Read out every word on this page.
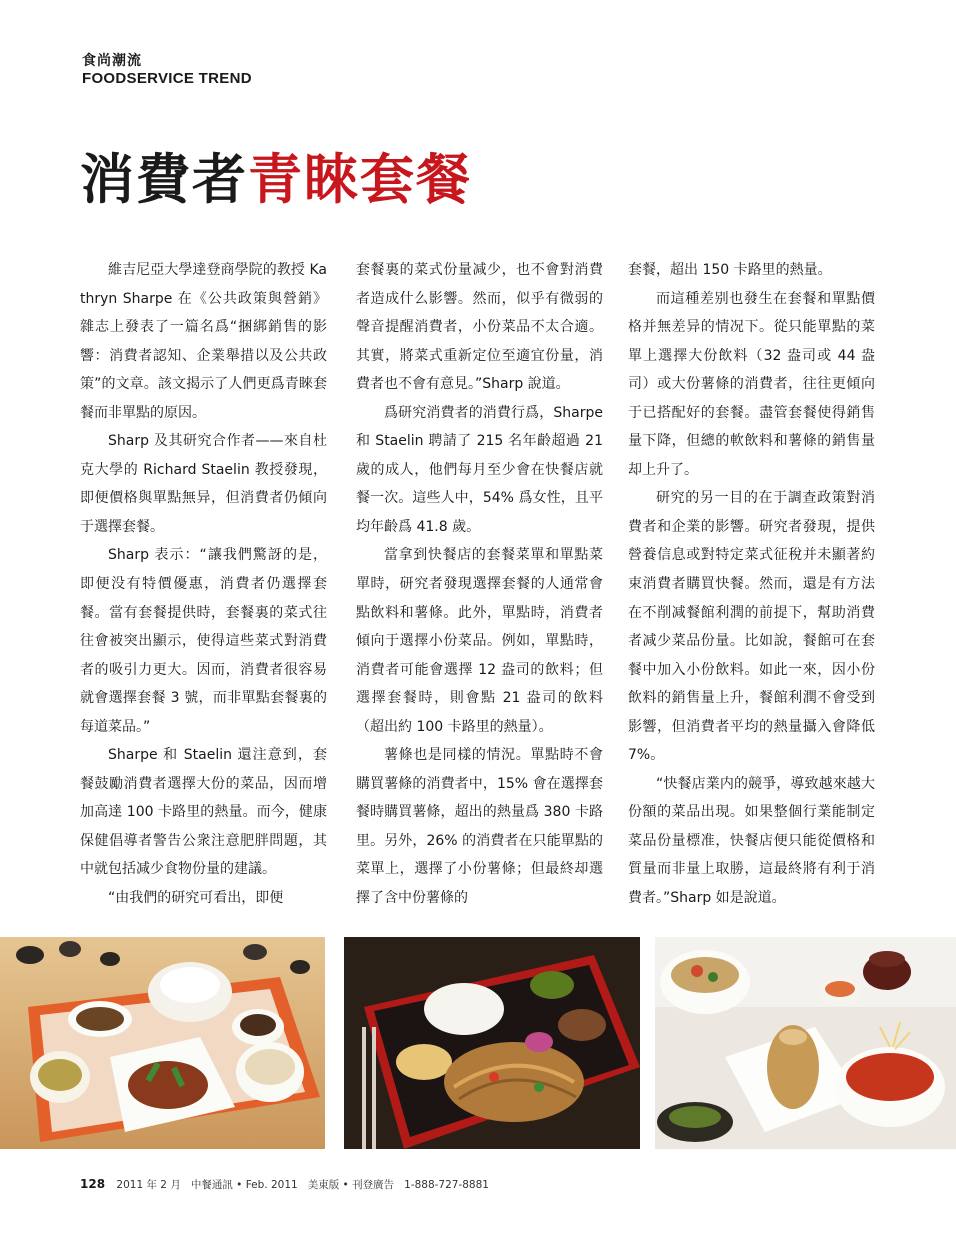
食尚潮流
FOODSERVICE TREND
消費者青睞套餐

維吉尼亞大學達登商學院的教授 Kathryn Sharpe 在《公共政策與營銷》雜志上發表了一篇名爲“捆綁銷售的影響：消費者認知、企業舉措以及公共政策”的文章。該文揭示了人們更爲青睞套餐而非單點的原因。

Sharp 及其研究合作者——來自杜克大學的 Richard Staelin 教授發現，即便價格與單點無异，但消費者仍傾向于選擇套餐。

Sharp 表示：“讓我們驚訝的是，即便没有特價優惠，消費者仍選擇套餐。當有套餐提供時，套餐裏的菜式往往會被突出顯示，使得這些菜式對消費者的吸引力更大。因而，消費者很容易就會選擇套餐 3 號，而非單點套餐裏的每道菜品。”

Sharpe 和 Staelin 還注意到，套餐鼓勵消費者選擇大份的菜品，因而增加高達 100 卡路里的熱量。而今，健康保健倡導者警告公衆注意肥胖問題，其中就包括减少食物份量的建議。

“由我們的研究可看出，即便

套餐裏的菜式份量减少，也不會對消費者造成什么影響。然而，似乎有微弱的聲音提醒消費者，小份菜品不太合適。其實，將菜式重新定位至適宜份量，消費者也不會有意見。”Sharp 說道。

爲研究消費者的消費行爲，Sharpe 和 Staelin 聘請了 215 名年齡超過 21 歲的成人，他們每月至少會在快餐店就餐一次。這些人中，54% 爲女性，且平均年齡爲 41.8 歲。

當拿到快餐店的套餐菜單和單點菜單時，研究者發現選擇套餐的人通常會點飲料和薯條。此外，單點時，消費者傾向于選擇小份菜品。例如，單點時，消費者可能會選擇 12 盎司的飲料；但選擇套餐時，則會點 21 盎司的飲料（超出約 100 卡路里的熱量）。

薯條也是同樣的情況。單點時不會購買薯條的消費者中，15% 會在選擇套餐時購買薯條，超出的熱量爲 380 卡路里。另外，26% 的消費者在只能單點的菜單上，選擇了小份薯條；但最終却選擇了含中份薯條的

套餐，超出 150 卡路里的熱量。

而這種差别也發生在套餐和單點價格并無差异的情况下。從只能單點的菜單上選擇大份飲料（32 盎司或 44 盎司）或大份薯條的消費者，往往更傾向于已搭配好的套餐。盡管套餐使得銷售量下降，但總的軟飲料和薯條的銷售量却上升了。

研究的另一目的在于調查政策對消費者和企業的影響。研究者發現，提供營養信息或對特定菜式征稅并未顯著約束消費者購買快餐。然而，還是有方法在不削减餐館利潤的前提下，幫助消費者减少菜品份量。比如說，餐館可在套餐中加入小份飲料。如此一來，因小份飲料的銷售量上升，餐館利潤不會受到影響，但消費者平均的熱量攝入會降低 7%。

“快餐店業内的競爭，導致越來越大份額的菜品出現。如果整個行業能制定菜品份量標准，快餐店便只能從價格和質量而非量上取勝，這最終將有利于消費者。”Sharp 如是說道。

128 2011 年 2 月 中餐通訊 • Feb. 2011 美東版 • 刊登廣告 1-888-727-8881
